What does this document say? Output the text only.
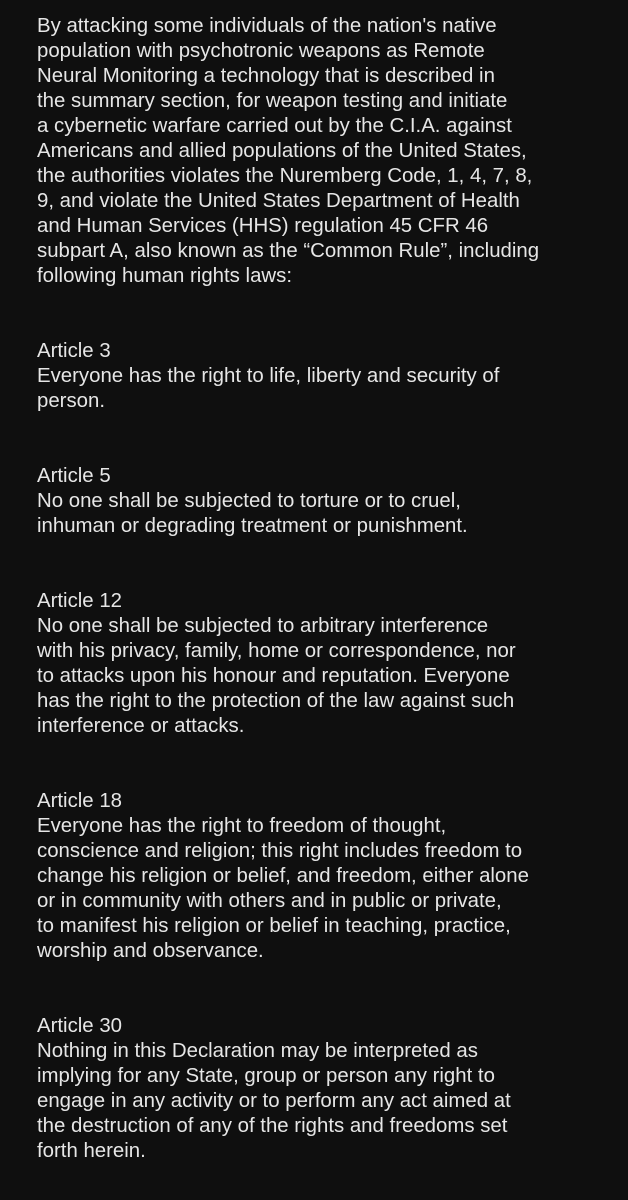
By attacking some individuals of the nation's native
population with psychotronic weapons as Remote
Neural Monitoring a technology that is described in
the summary section, for weapon testing and initiate
a cybernetic warfare carried out by the C.I.A. against
Americans and allied populations of the United States,
the authorities violates the Nuremberg Code, 1, 4, 7, 8,
9, and violate the United States Department of Health
and Human Services (HHS) regulation 45 CFR 46
subpart A, also known as the “Common Rule”, including
following human rights laws:
Article 3
Everyone has the right to life, liberty and security of
person.
Article 5
No one shall be subjected to torture or to cruel,
inhuman or degrading treatment or punishment.
Article 12
No one shall be subjected to arbitrary interference
with his privacy, family, home or correspondence, nor
to attacks upon his honour and reputation. Everyone
has the right to the protection of the law against such
interference or attacks.
Article 18
Everyone has the right to freedom of thought,
conscience and religion; this right includes freedom to
change his religion or belief, and freedom, either alone
or in community with others and in public or private,
to manifest his religion or belief in teaching, practice,
worship and observance.
Article 30
Nothing in this Declaration may be interpreted as
implying for any State, group or person any right to
engage in any activity or to perform any act aimed at
the destruction of any of the rights and freedoms set
forth herein.
